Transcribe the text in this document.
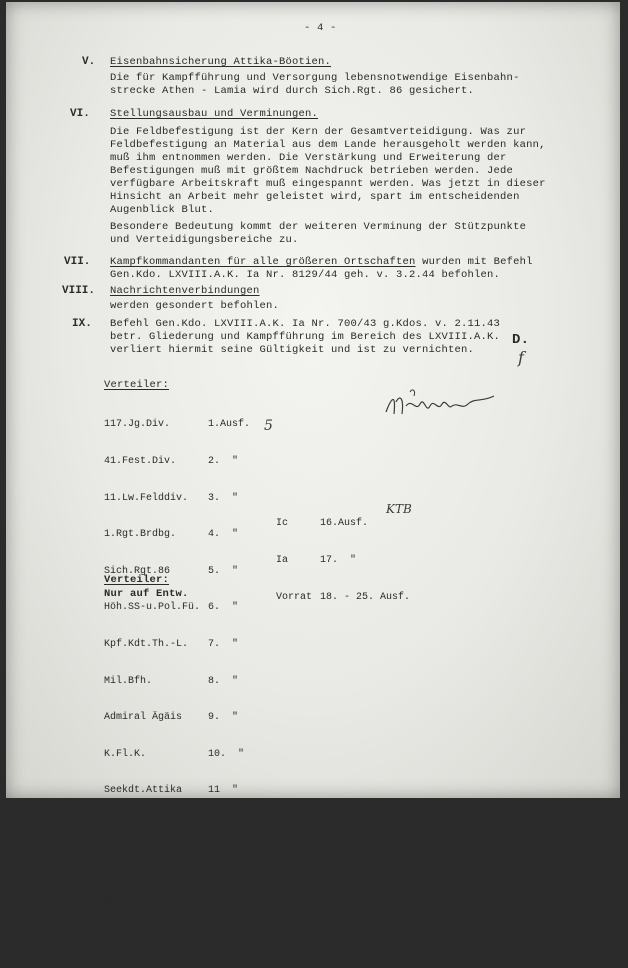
- 4 -
V. Eisenbahnsicherung Attika-Böotien.
Die für Kampfführung und Versorgung lebensnotwendige Eisenbahn-
strecke Athen - Lamia wird durch Sich.Rgt. 86 gesichert.
VI. Stellungsausbau und Verminungen.
Die Feldbefestigung ist der Kern der Gesamtverteidigung. Was zur
Feldbefestigung an Material aus dem Lande herausgeholt werden kann,
muß ihm entnommen werden. Die Verstärkung und Erweiterung der
Befestigungen muß mit größtem Nachdruck betrieben werden. Jede
verfügbare Arbeitskraft muß eingespannt werden. Was jetzt in dieser
Hinsicht an Arbeit mehr geleistet wird, spart im entscheidenden
Augenblick Blut.
Besondere Bedeutung kommt der weiteren Verminung der Stützpunkte
und Verteidigungsbereiche zu.
VII. Kampfkommandanten für alle größeren Ortschaften wurden mit Befehl
Gen.Kdo. LXVIII.A.K. Ia Nr. 8129/44 geh. v. 3.2.44 befohlen.
VIII. Nachrichtenverbindungen
werden gesondert befohlen.
IX. Befehl Gen.Kdo. LXVIII.A.K. Ia Nr. 700/43 g.Kdos. v. 2.11.43
betr. Gliederung und Kampfführung im Bereich des LXVIII.A.K.
verliert hiermit seine Gültigkeit und ist zu vernichten.
D.
f
Verteiler:

117.Jg.Div.	1.Ausf.

41.Fest.Div.	2.  "

11.Lw.Felddiv. 3.  "

1.Rgt.Brdbg.	4.  "

Sich.Rgt.86	5.  "

Höh.SS-u.Pol.Fü. 6.  "

Kpf.Kdt.Th.-L. 7.  "

Mil.Bfh.	8.  "

Admiral Ägäis	9.  "

K.Fl.K.	10.  "

Seekdt.Attika	11  "

Kopifü	12.  "

Arko	13.  "

Nfü	14.  "

Qu	15.  "

Ic	16.Ausf.

Ia	17.  "

Vorrat 18. - 25. Ausf.

KTB
5
Verteiler:
Nur auf Entw.
